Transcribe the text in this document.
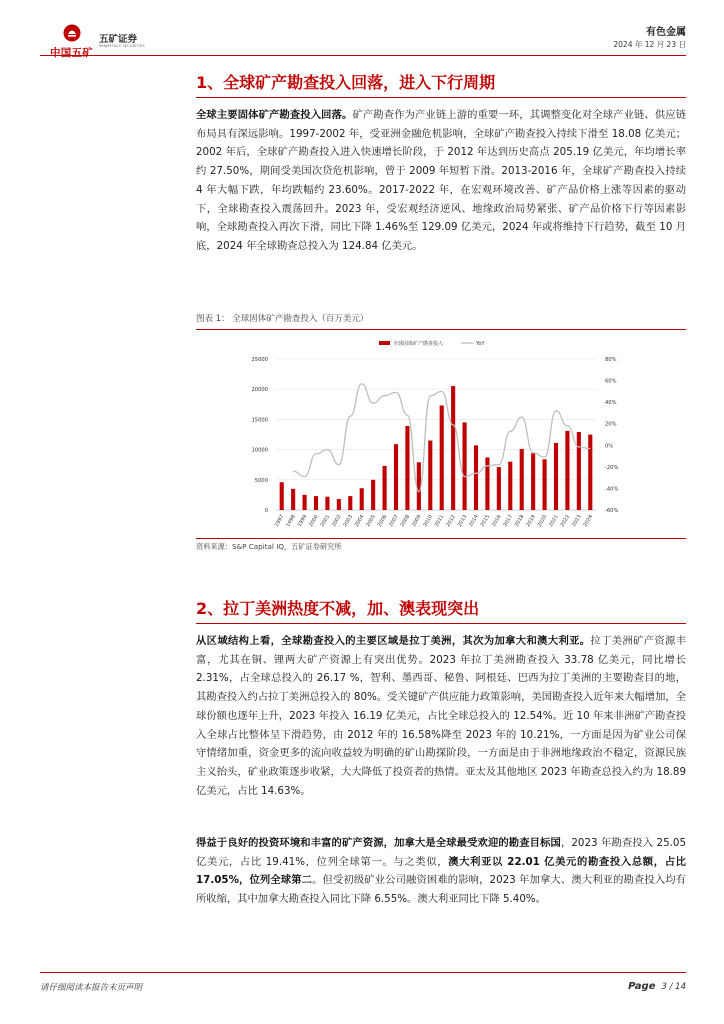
中国五矿
五矿证券
MINMETALS SECURITIES
有色金属
2024 年 12 月 23 日
1、全球矿产勘查投入回落，进入下行周期
全球主要固体矿产勘查投入回落。矿产勘查作为产业链上游的重要一环，其调整变化对全球产业链、供应链布局具有深远影响。1997-2002 年，受亚洲金融危机影响，全球矿产勘查投入持续下滑至 18.08 亿美元；2002 年后，全球矿产勘查投入进入快速增长阶段，于 2012 年达到历史高点 205.19 亿美元，年均增长率约 27.50%，期间受美国次贷危机影响，曾于 2009 年短暂下滑。2013-2016 年，全球矿产勘查投入持续 4 年大幅下跌，年均跌幅约 23.60%。2017-2022 年，在宏观环境改善、矿产品价格上涨等因素的驱动下，全球勘查投入震荡回升。2023 年，受宏观经济逆风、地缘政治局势紧张、矿产品价格下行等因素影响，全球勘查投入再次下滑，同比下降 1.46%至 129.09 亿美元，2024 年或将维持下行趋势，截至 10 月底，2024 年全球勘查总投入为 124.84 亿美元。
图表 1： 全球固体矿产勘查投入（百万美元）
0
5000
10000
15000
20000
25000
-60%
-40%
-20%
0%
20%
40%
60%
80%
1997 1998 1999 2000 2001 2002 2003 2004 2005 2006 2007 2008 2009 2010 2011 2012 2013 2014 2015 2016 2017 2018 2019 2020 2021 2022 2023 2024
全球固体矿产勘查投入	YoY
资料来源：S&P Capital IQ，五矿证券研究所
2、拉丁美洲热度不减，加、澳表现突出
从区域结构上看，全球勘查投入的主要区域是拉丁美洲，其次为加拿大和澳大利亚。拉丁美洲矿产资源丰富，尤其在铜、锂两大矿产资源上有突出优势。2023 年拉丁美洲勘查投入 33.78 亿美元，同比增长 2.31%，占全球总投入的 26.17 %，智利、墨西哥、秘鲁、阿根廷、巴西为拉丁美洲的主要勘查目的地，其勘查投入约占拉丁美洲总投入的 80%。受关键矿产供应能力政策影响，美国勘查投入近年来大幅增加，全球份额也逐年上升，2023 年投入 16.19 亿美元，占比全球总投入的 12.54%。近 10 年来非洲矿产勘查投入全球占比整体呈下滑趋势，由 2012 年的 16.58%降至 2023 年的 10.21%，一方面是因为矿业公司保守情绪加重，资金更多的流向收益较为明确的矿山勘探阶段，一方面是由于非洲地缘政治不稳定，资源民族主义抬头，矿业政策逐步收紧，大大降低了投资者的热情。亚太及其他地区 2023 年勘查总投入约为 18.89 亿美元，占比 14.63%。
得益于良好的投资环境和丰富的矿产资源，加拿大是全球最受欢迎的勘查目标国，2023 年勘查投入 25.05 亿美元，占比 19.41%，位列全球第一。与之类似，澳大利亚以 22.01 亿美元的勘查投入总额，占比 17.05%，位列全球第二。但受初级矿业公司融资困难的影响，2023 年加拿大、澳大利亚的勘查投入均有所收缩，其中加拿大勘查投入同比下降 6.55%。澳大利亚同比下降 5.40%。
请仔细阅读本报告末页声明	Page 3 / 14
